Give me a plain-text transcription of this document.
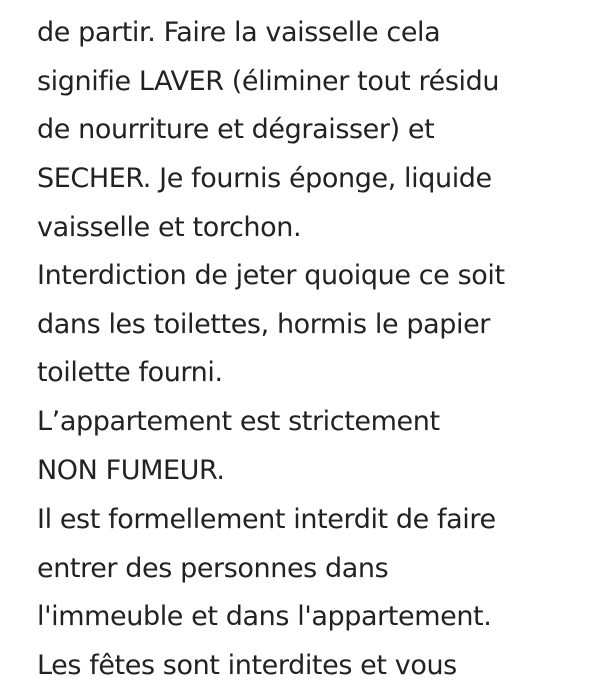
de partir. Faire la vaisselle cela
signifie LAVER (éliminer tout résidu
de nourriture et dégraisser) et
SECHER. Je fournis éponge, liquide
vaisselle et torchon.
Interdiction de jeter quoique ce soit
dans les toilettes, hormis le papier
toilette fourni.
L’appartement est strictement
NON FUMEUR.
Il est formellement interdit de faire
entrer des personnes dans
l'immeuble et dans l'appartement.
Les fêtes sont interdites et vous
